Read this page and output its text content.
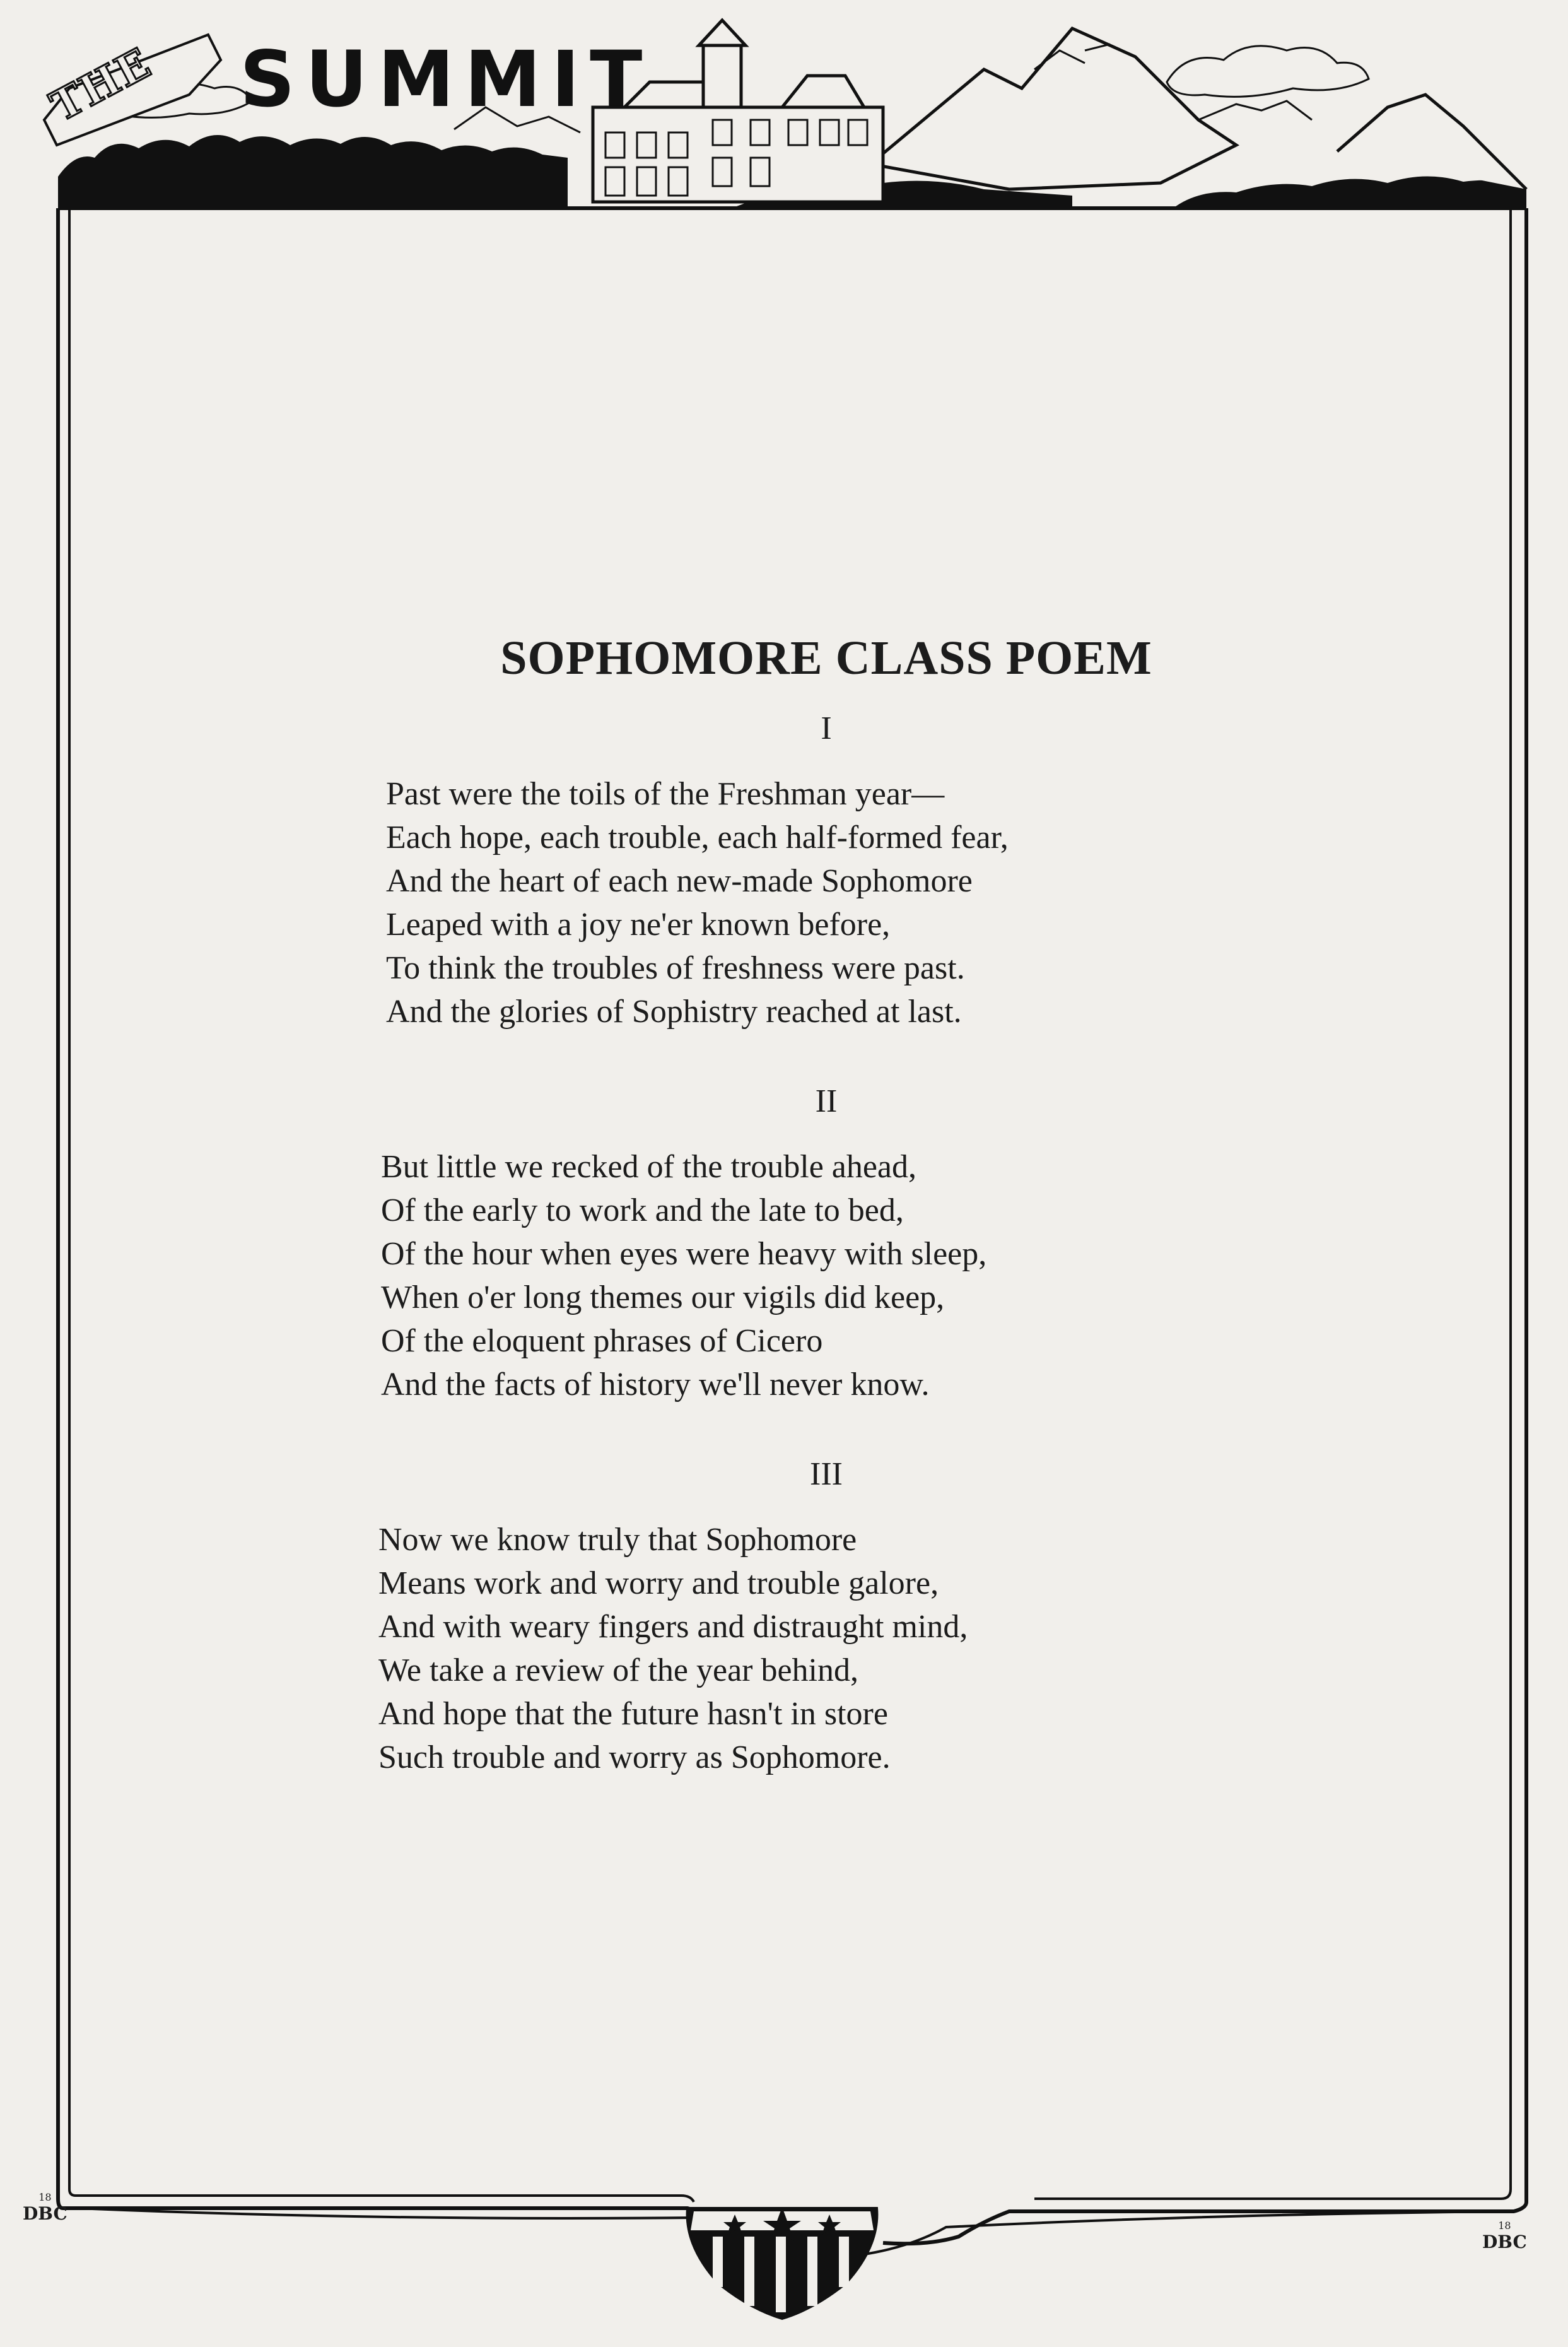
THE SUMMIT
SOPHOMORE CLASS POEM
I
Past were the toils of the Freshman year—
Each hope, each trouble, each half-formed fear,
And the heart of each new-made Sophomore
Leaped with a joy ne'er known before,
To think the troubles of freshness were past.
And the glories of Sophistry reached at last.
II
But little we recked of the trouble ahead,
Of the early to work and the late to bed,
Of the hour when eyes were heavy with sleep,
When o'er long themes our vigils did keep,
Of the eloquent phrases of Cicero
And the facts of history we'll never know.
III
Now we know truly that Sophomore
Means work and worry and trouble galore,
And with weary fingers and distraught mind,
We take a review of the year behind,
And hope that the future hasn't in store
Such trouble and worry as Sophomore.
18
DBC
18
DBC
